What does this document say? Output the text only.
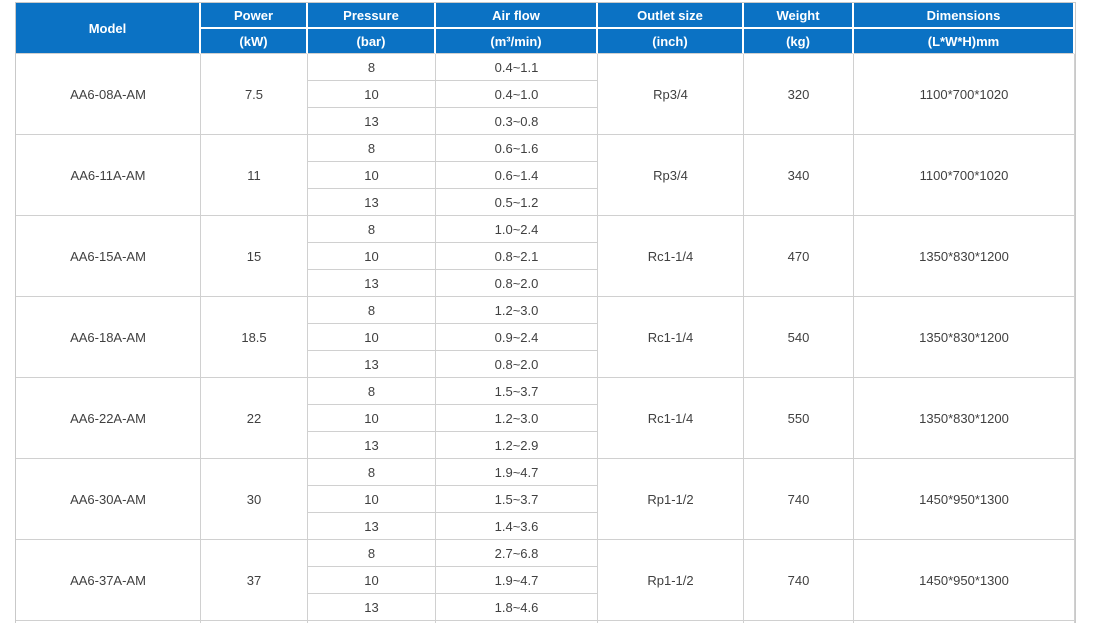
Model	Power	Pressure	Air flow	Outlet size	Weight	Dimensions
	(kW)	(bar)	(m³/min)	(inch)	(kg)	(L*W*H)mm
AA6-08A-AM	7.5	8	0.4~1.1	Rp3/4	320	1100*700*1020
		10	0.4~1.0			
		13	0.3~0.8			
AA6-11A-AM	11	8	0.6~1.6	Rp3/4	340	1100*700*1020
		10	0.6~1.4			
		13	0.5~1.2			
AA6-15A-AM	15	8	1.0~2.4	Rc1-1/4	470	1350*830*1200
		10	0.8~2.1			
		13	0.8~2.0			
AA6-18A-AM	18.5	8	1.2~3.0	Rc1-1/4	540	1350*830*1200
		10	0.9~2.4			
		13	0.8~2.0			
AA6-22A-AM	22	8	1.5~3.7	Rc1-1/4	550	1350*830*1200
		10	1.2~3.0			
		13	1.2~2.9			
AA6-30A-AM	30	8	1.9~4.7	Rp1-1/2	740	1450*950*1300
		10	1.5~3.7			
		13	1.4~3.6			
AA6-37A-AM	37	8	2.7~6.8	Rp1-1/2	740	1450*950*1300
		10	1.9~4.7			
		13	1.8~4.6			
